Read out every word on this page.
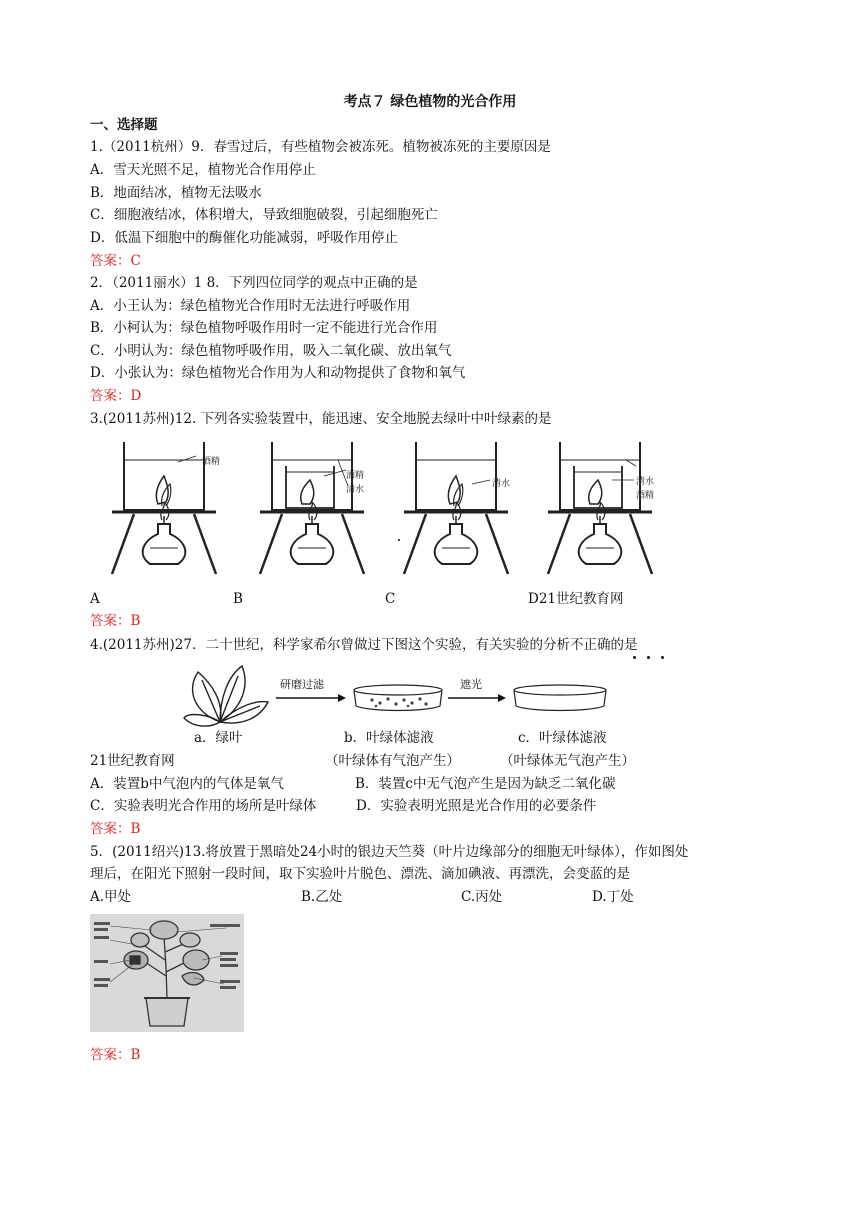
考点７ 绿色植物的光合作用
一、选择题
1.（2011杭州）9．春雪过后，有些植物会被冻死。植物被冻死的主要原因是
A．雪天光照不足，植物光合作用停止
B．地面结冰，植物无法吸水
C．细胞液结冰，体积增大，导致细胞破裂，引起细胞死亡
D．低温下细胞中的酶催化功能减弱，呼吸作用停止
答案：C
2．（2011丽水）1 8．下列四位同学的观点中正确的是
A．小王认为：绿色植物光合作用时无法进行呼吸作用
B．小柯认为：绿色植物呼吸作用时一定不能进行光合作用
C．小明认为：绿色植物呼吸作用，吸入二氧化碳、放出氧气
D．小张认为：绿色植物光合作用为人和动物提供了食物和氧气
答案：D
3.(2011苏州)12. 下列各实验装置中，能迅速、安全地脱去绿叶中叶绿素的是
酒精
酒精
清水
清水	清水
酒精
A	B	C	D21世纪教育网
答案：B
4.(2011苏州)27．二十世纪，科学家希尔曾做过下图这个实验，有关实验的分析不正确的是
研磨过滤	遮光
a．绿叶	b．叶绿体滤液	c．叶绿体滤液
21世纪教育网	（叶绿体有气泡产生）	（叶绿体无气泡产生）
A．装置b中气泡内的气体是氧气	B．装置c中无气泡产生是因为缺乏二氧化碳
C．实验表明光合作用的场所是叶绿体	D．实验表明光照是光合作用的必要条件
答案：B
5．(2011绍兴)13.将放置于黑暗处24小时的银边天竺葵（叶片边缘部分的细胞无叶绿体），作如图处
理后，在阳光下照射一段时间，取下实验叶片脱色、漂洗、滴加碘液、再漂洗，会变蓝的是
A.甲处	B.乙处	C.丙处	D.丁处
答案：B
